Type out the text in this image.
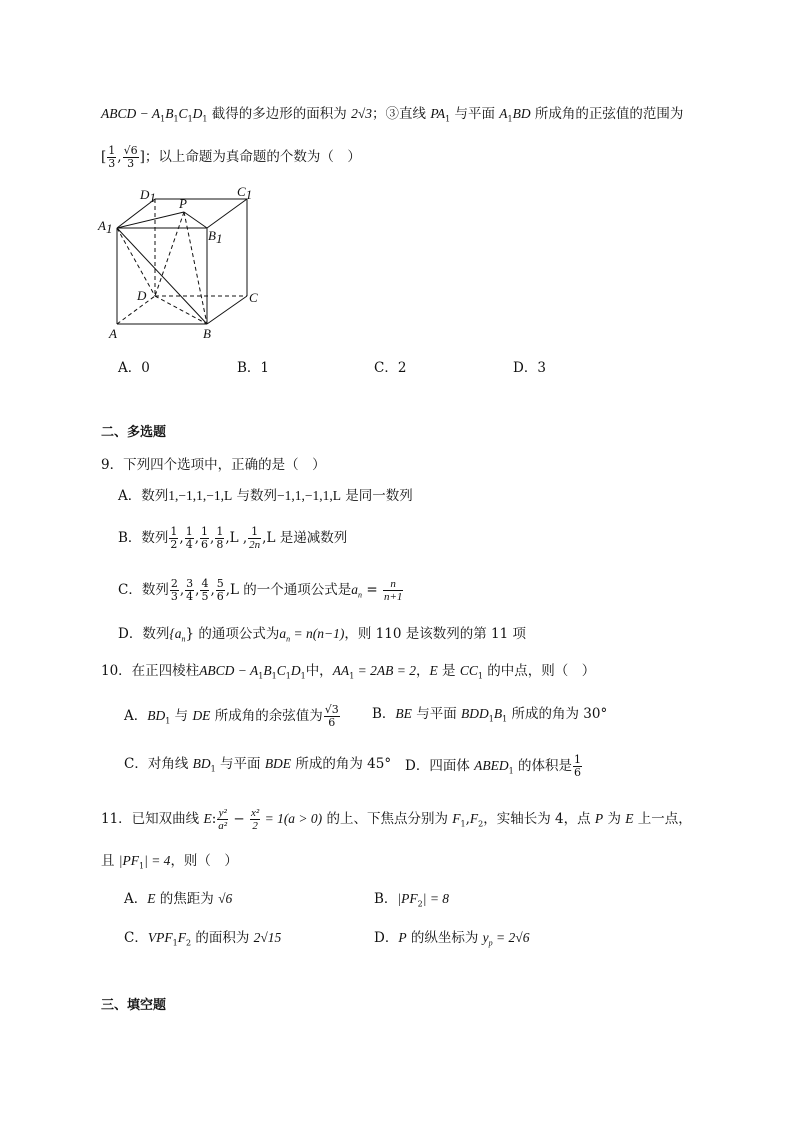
ABCD − $A_1B_1C_1D_1$ 截得的多边形的面积为 2√3；③直线 $PA_1$ 与平面 $A_1BD$ 所成角的正弦值的范围为
[ $\frac{1}{3}$ , $\frac{√6}{3}$ ]；以上命题为真命题的个数为（　）
D1	C1
P
A1	B1
D	C
A	B
A．0	B．1	C．2	D．3
二、多选题
9．下列四个选项中，正确的是（　）
A．数列1,−1,1,−1,L 与数列−1,1,−1,1,L 是同一数列
B．数列 $\frac{1}{2}$ , $\frac{1}{4}$ , $\frac{1}{6}$ , $\frac{1}{8} ,L$ , $\frac{1}{2n} ,L$ 是递减数列
C．数列 $\frac{2}{3}$ , $\frac{3}{4}$ , $\frac{4}{5}$ , $\frac{5}{6} ,L$ 的一个通项公式是$a_n = \frac{n}{n+1}$
D．数列$\{a_n\}$ 的通项公式为$a_n = n(n-1)$，则 110 是该数列的第 11 项
10．在正四棱柱ABCD − $A_1B_1C_1D_1$中，$AA_1 = 2AB = 2$，E 是 $CC_1$ 的中点，则（　）
A．$BD_1$ 与 DE 所成角的余弦值为 $\frac{√3}{6}$ B．BE 与平面 $BDD_1B_1$ 所成的角为 30°
C．对角线 $BD_1$ 与平面 BDE 所成的角为 45° D．四面体 $ABED_1$ 的体积是 $\frac{1}{6}$
11．已知双曲线 E: $\frac{\text{y²}}{\text{a²}} - \frac{\text{x²}}{2} = 1(a > 0)$ 的上、下焦点分别为 $F_1,F_2$，实轴长为 4，点 P 为 E 上一点，
且 $|PF_1| = 4$，则（　）
A．E 的焦距为 √6	B．$|PF_2| = 8$
C．$VPF_1F_2$ 的面积为 2√15	D．P 的纵坐标为 $y_p = 2√6$
三、填空题
